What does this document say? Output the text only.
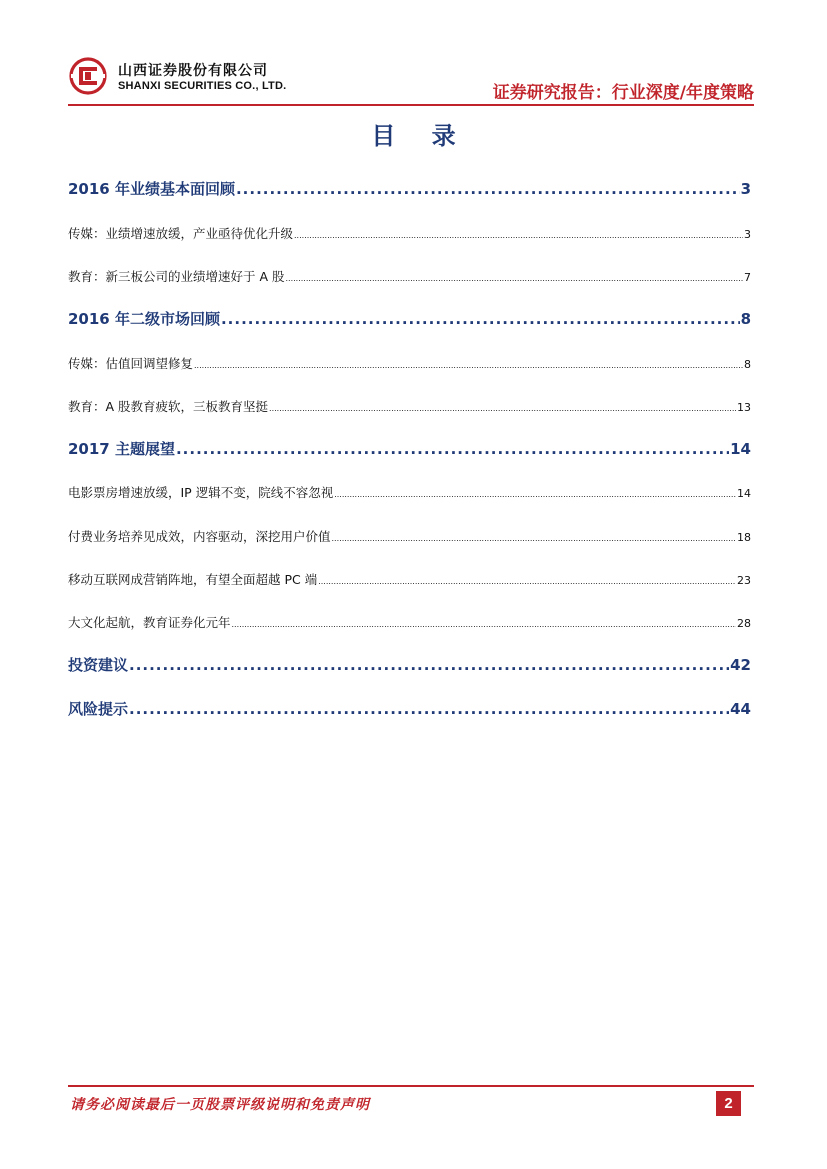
山西证券股份有限公司
SHANXI SECURITIES CO., LTD.	证券研究报告：行业深度/年度策略
目 录
2016 年业绩基本面回顾 .....	3
传媒：业绩增速放缓，产业亟待优化升级 .....	3
教育：新三板公司的业绩增速好于 A 股 .....	7
2016 年二级市场回顾 .....	8
传媒：估值回调望修复 .....	8
教育：A 股教育疲软，三板教育坚挺 .....	13
2017 主题展望 .....	14
电影票房增速放缓，IP 逻辑不变，院线不容忽视 .....	14
付费业务培养见成效，内容驱动，深挖用户价值 .....	18
移动互联网成营销阵地，有望全面超越 PC 端 .....	23
大文化起航，教育证券化元年 .....	28
投资建议 .....	42
风险提示 .....	44
请务必阅读最后一页股票评级说明和免责声明	2
